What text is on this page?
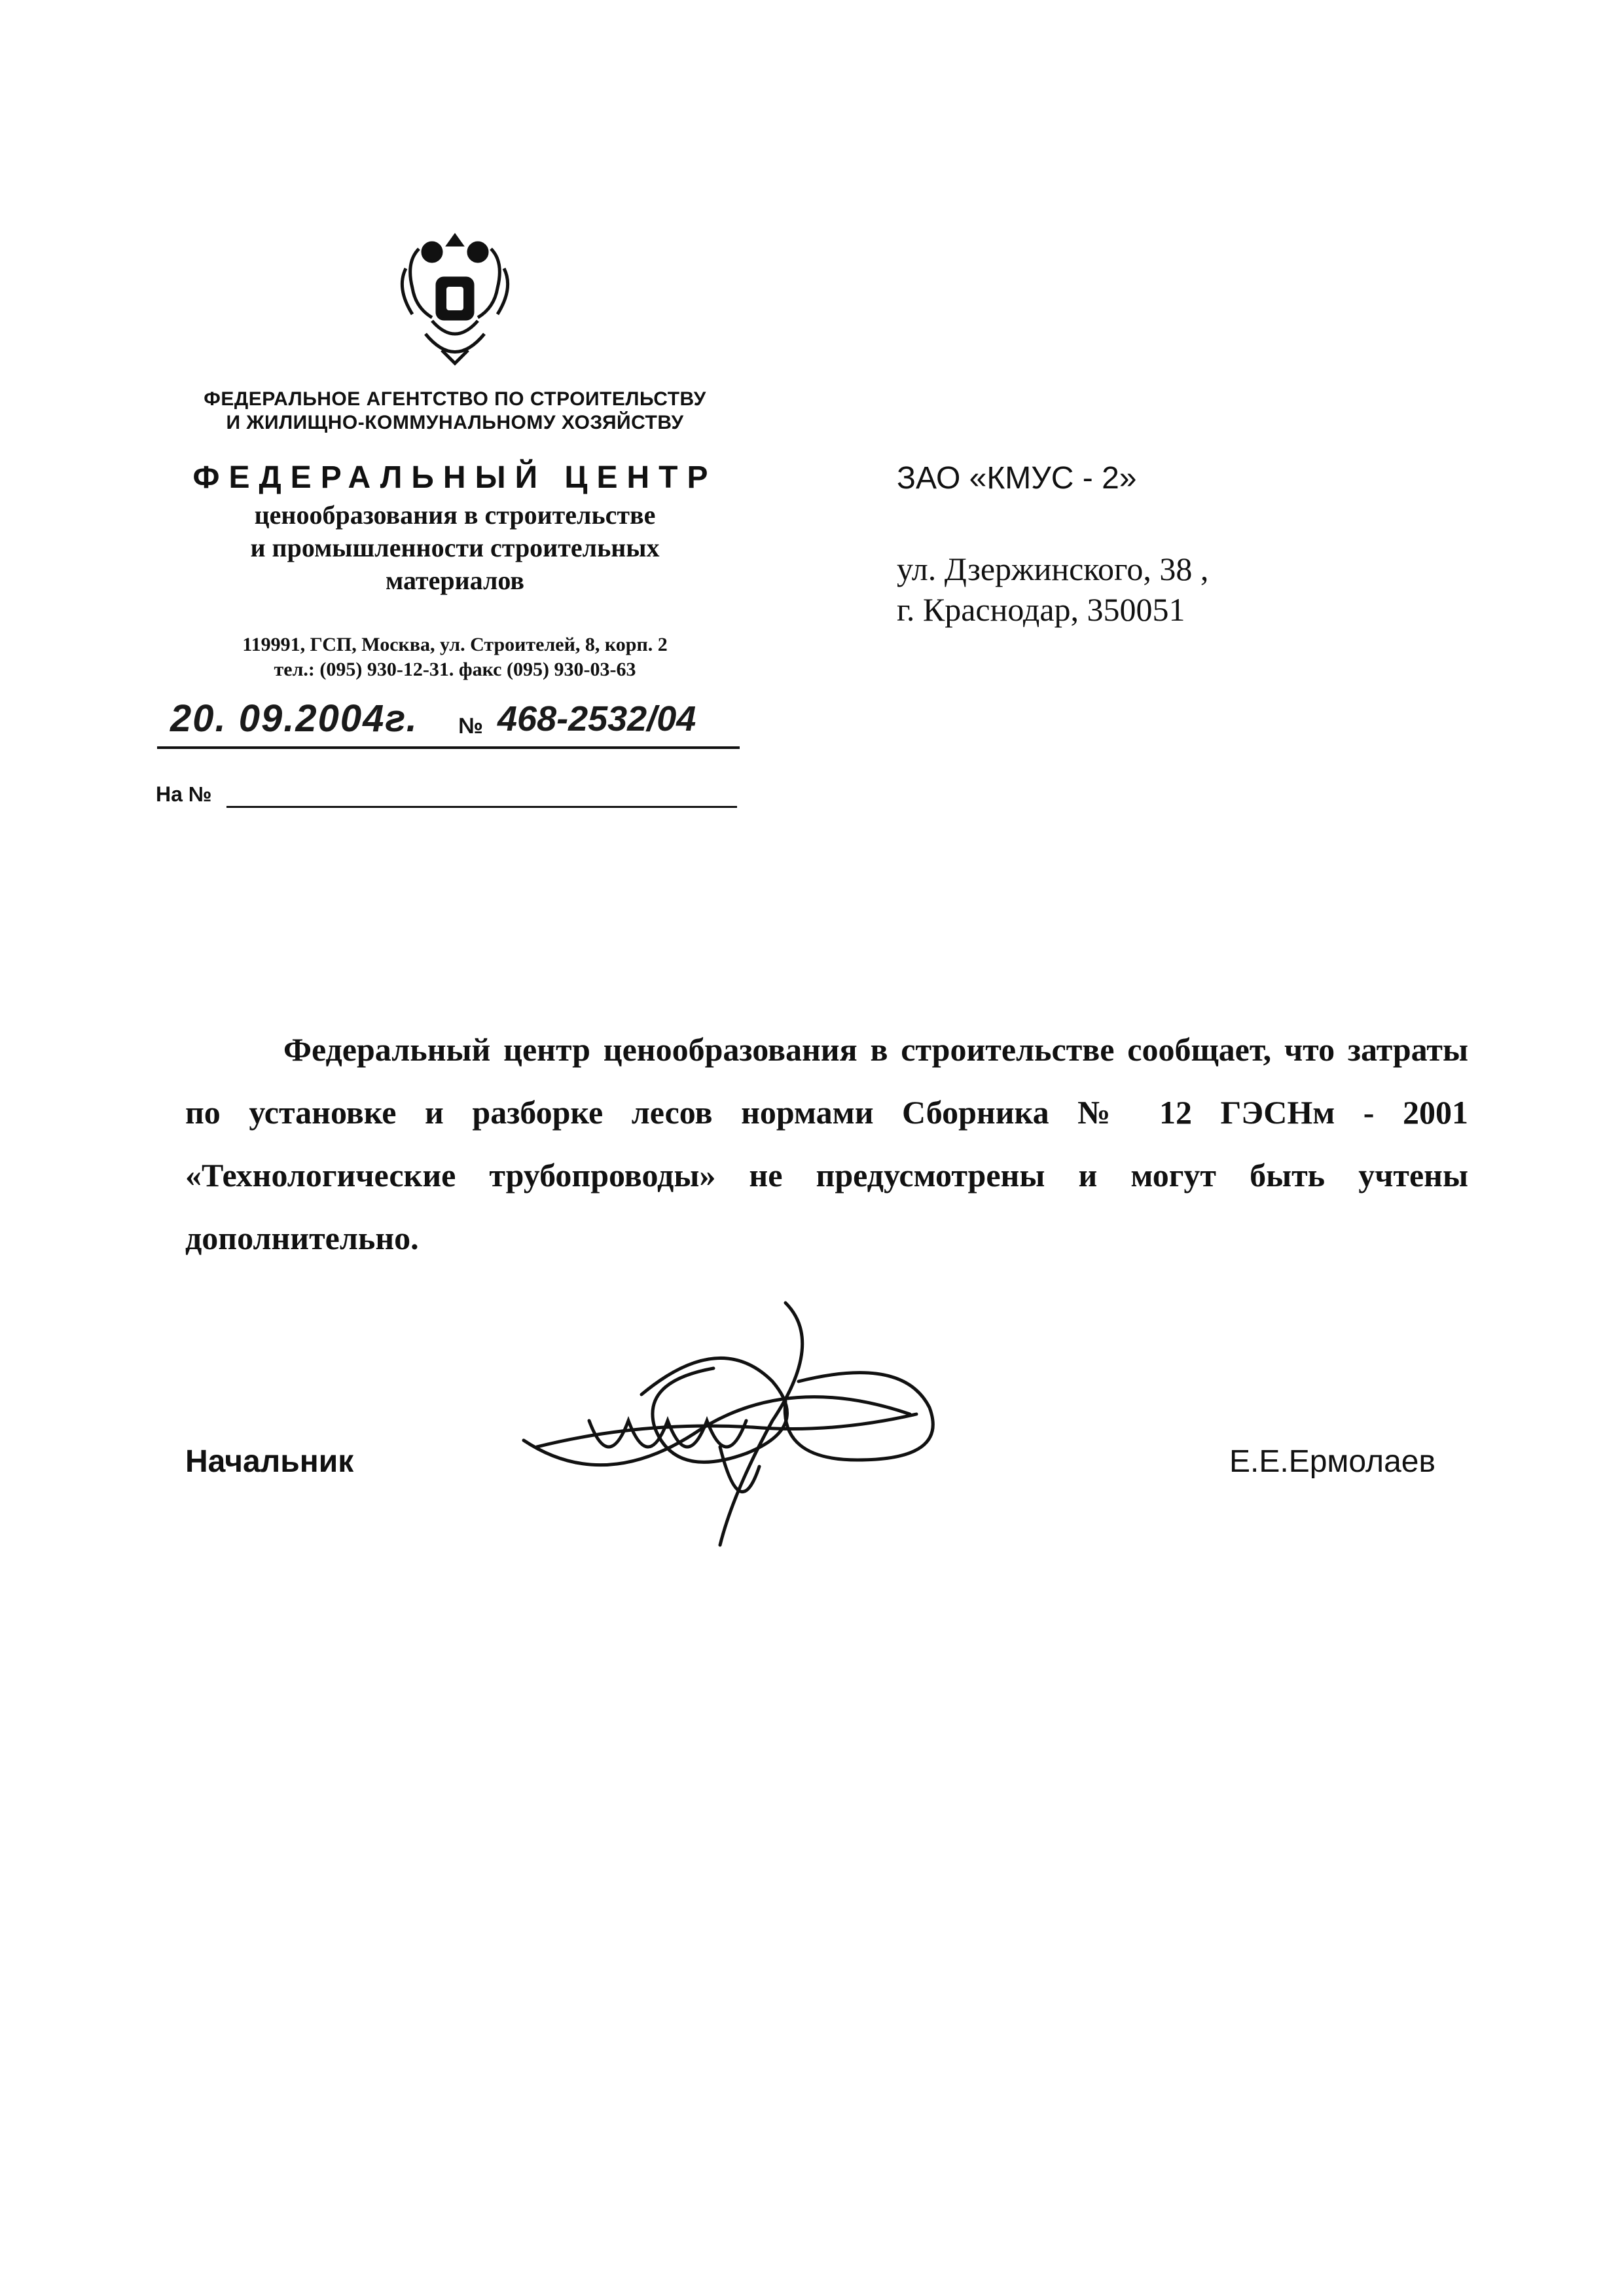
ФЕДЕРАЛЬНОЕ АГЕНТСТВО ПО СТРОИТЕЛЬСТВУ
И ЖИЛИЩНО-КОММУНАЛЬНОМУ ХОЗЯЙСТВУ
ФЕДЕРАЛЬНЫЙ ЦЕНТР
ценообразования в строительстве
и промышленности строительных
материалов
119991, ГСП, Москва, ул. Строителей, 8, корп. 2
тел.: (095) 930-12-31. факс (095) 930-03-63
20. 09.2004г.	№ 468-2532/04
На №
ЗАО «КМУС - 2»
ул. Дзержинского, 38 ,
г. Краснодар, 350051

Федеральный центр ценообразования в строительстве сообщает, что затраты по установке и разборке лесов нормами Сборника № 12 ГЭСНм - 2001 «Технологические трубопроводы» не предусмотрены и могут быть учтены дополнительно.

Начальник	Е.Е.Ермолаев
